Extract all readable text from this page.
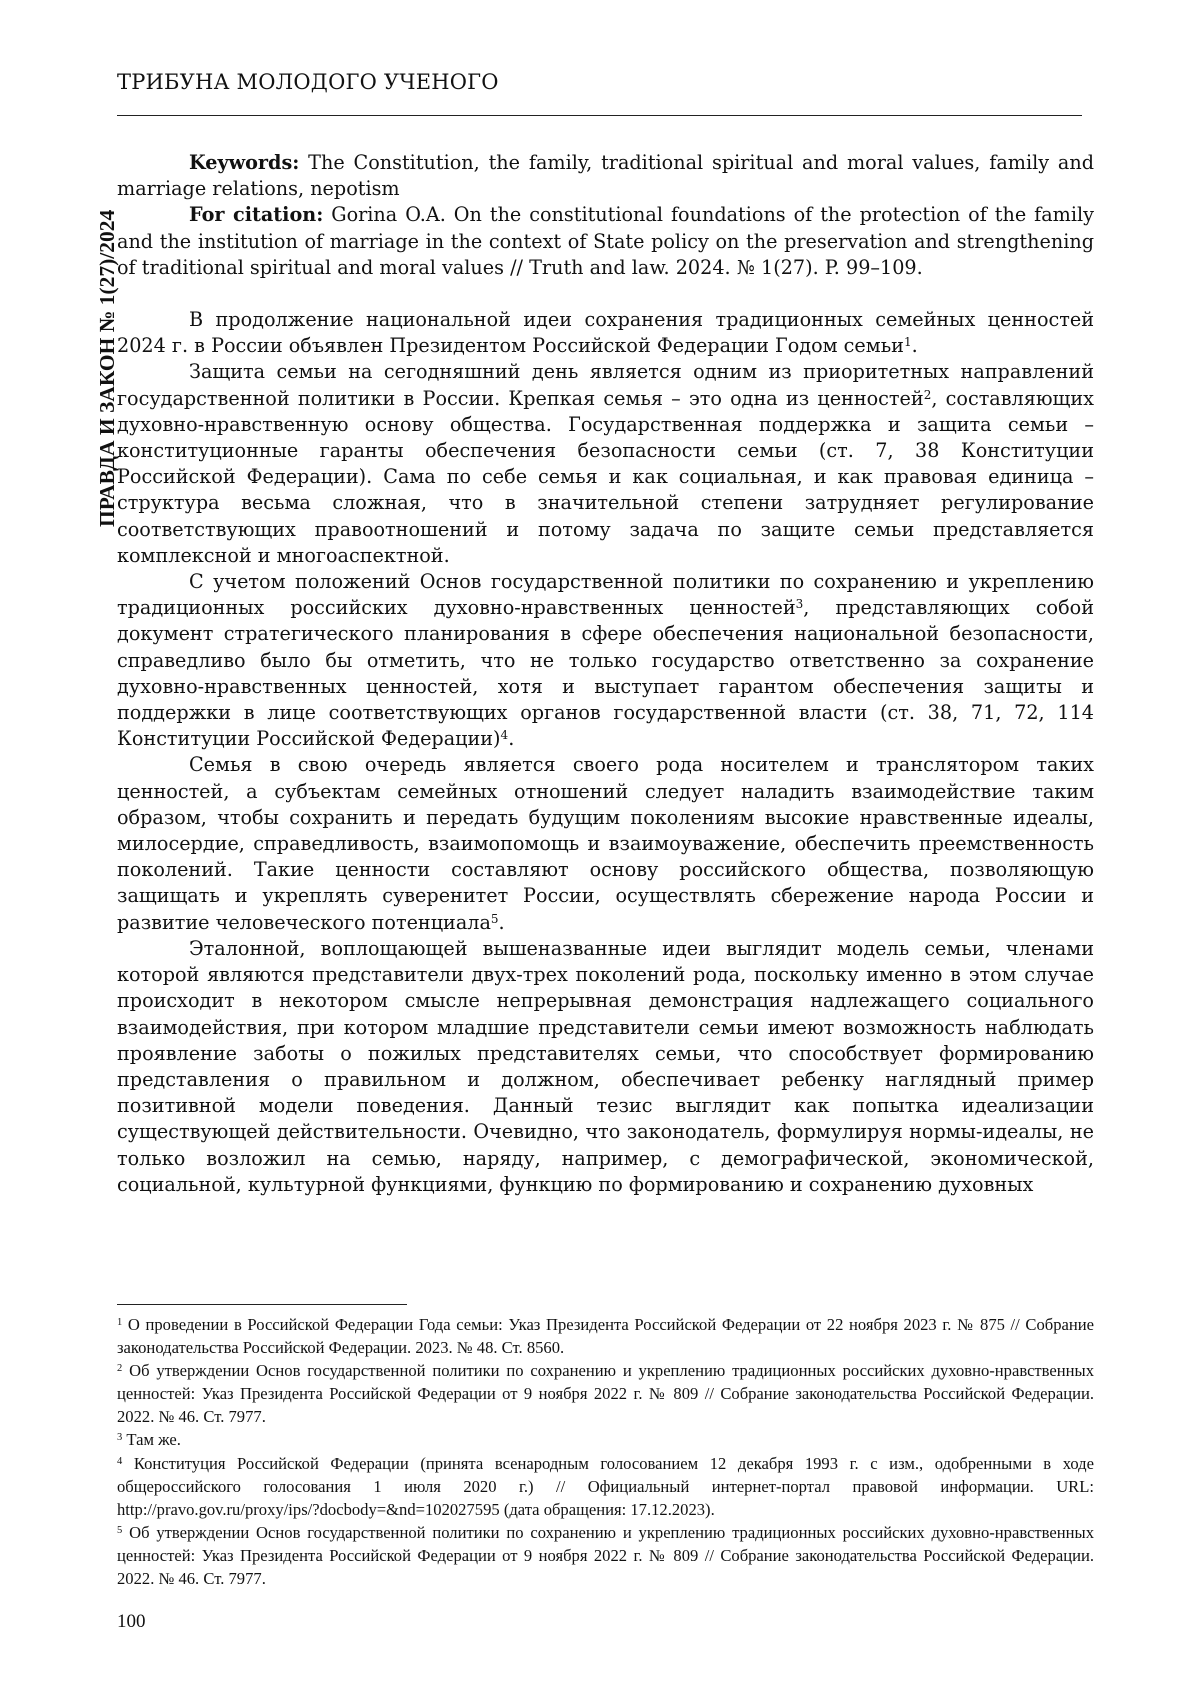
ТРИБУНА МОЛОДОГО УЧЕНОГО
ПРАВДА И ЗАКОН № 1(27)/2024

Keywords: The Constitution, the family, traditional spiritual and moral values, family and marriage relations, nepotism

For citation: Gorina O.A. On the constitutional foundations of the protection of the family and the institution of marriage in the context of State policy on the preservation and strengthening of traditional spiritual and moral values // Truth and law. 2024. № 1(27). P. 99–109.

В продолжение национальной идеи сохранения традиционных семейных ценностей 2024 г. в России объявлен Президентом Российской Федерации Годом семьи1.

Защита семьи на сегодняшний день является одним из приоритетных направлений государственной политики в России. Крепкая семья – это одна из ценностей2, составляющих духовно-нравственную основу общества. Государственная поддержка и защита семьи – конституционные гаранты обеспечения безопасности семьи (ст. 7, 38 Конституции Российской Федерации). Сама по себе семья и как социальная, и как правовая единица – структура весьма сложная, что в значительной степени затрудняет регулирование соответствующих правоотношений и потому задача по защите семьи представляется комплексной и многоаспектной.

С учетом положений Основ государственной политики по сохранению и укреплению традиционных российских духовно-нравственных ценностей3, представляющих собой документ стратегического планирования в сфере обеспечения национальной безопасности, справедливо было бы отметить, что не только государство ответственно за сохранение духовно-нравственных ценностей, хотя и выступает гарантом обеспечения защиты и поддержки в лице соответствующих органов государственной власти (ст. 38, 71, 72, 114 Конституции Российской Федерации)4.

Семья в свою очередь является своего рода носителем и транслятором таких ценностей, а субъектам семейных отношений следует наладить взаимодействие таким образом, чтобы сохранить и передать будущим поколениям высокие нравственные идеалы, милосердие, справедливость, взаимопомощь и взаимоуважение, обеспечить преемственность поколений. Такие ценности составляют основу российского общества, позволяющую защищать и укреплять суверенитет России, осуществлять сбережение народа России и развитие человеческого потенциала5.

Эталонной, воплощающей вышеназванные идеи выглядит модель семьи, членами которой являются представители двух-трех поколений рода, поскольку именно в этом случае происходит в некотором смысле непрерывная демонстрация надлежащего социального взаимодействия, при котором младшие представители семьи имеют возможность наблюдать проявление заботы о пожилых представителях семьи, что способствует формированию представления о правильном и должном, обеспечивает ребенку наглядный пример позитивной модели поведения. Данный тезис выглядит как попытка идеализации существующей действительности. Очевидно, что законодатель, формулируя нормы-идеалы, не только возложил на семью, наряду, например, с демографической, экономической, социальной, культурной функциями, функцию по формированию и сохранению духовных

1 О проведении в Российской Федерации Года семьи: Указ Президента Российской Федерации от 22 ноября 2023 г. № 875 // Собрание законодательства Российской Федерации. 2023. № 48. Ст. 8560.

2 Об утверждении Основ государственной политики по сохранению и укреплению традиционных российских духовно-нравственных ценностей: Указ Президента Российской Федерации от 9 ноября 2022 г. № 809 // Собрание законодательства Российской Федерации. 2022. № 46. Ст. 7977.

3 Там же.

4 Конституция Российской Федерации (принята всенародным голосованием 12 декабря 1993 г. с изм., одобренными в ходе общероссийского голосования 1 июля 2020 г.) // Официальный интернет-портал правовой информации. URL: http://pravo.gov.ru/proxy/ips/?docbody=&nd=102027595 (дата обращения: 17.12.2023).

5 Об утверждении Основ государственной политики по сохранению и укреплению традиционных российских духовно-нравственных ценностей: Указ Президента Российской Федерации от 9 ноября 2022 г. № 809 // Собрание законодательства Российской Федерации. 2022. № 46. Ст. 7977.

100
